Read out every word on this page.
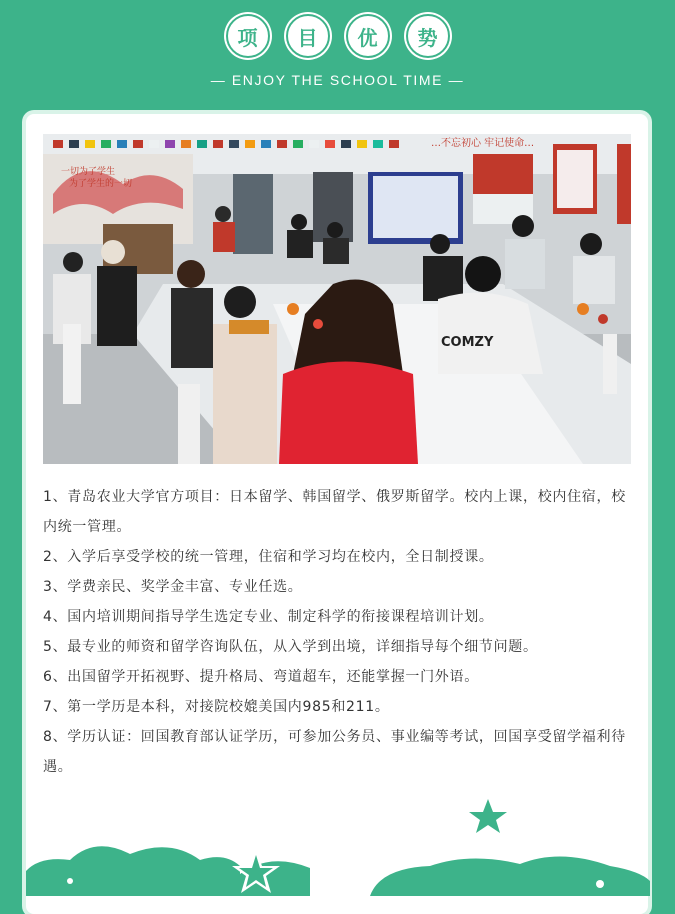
项	目	优	势
— ENJOY THE SCHOOL TIME —
一切为了学生
为了学生的一切
…不忘初心 牢记使命…
COMZY

1、青岛农业大学官方项目：日本留学、韩国留学、俄罗斯留学。校内上课，校内住宿，校内统一管理。

2、入学后享受学校的统一管理，住宿和学习均在校内，全日制授课。

3、学费亲民、奖学金丰富、专业任选。

4、国内培训期间指导学生选定专业、制定科学的衔接课程培训计划。

5、最专业的师资和留学咨询队伍，从入学到出境，详细指导每个细节问题。

6、出国留学开拓视野、提升格局、弯道超车，还能掌握一门外语。

7、第一学历是本科，对接院校媲美国内985和211。

8、学历认证：回国教育部认证学历，可参加公务员、事业编等考试，回国享受留学福利待遇。
